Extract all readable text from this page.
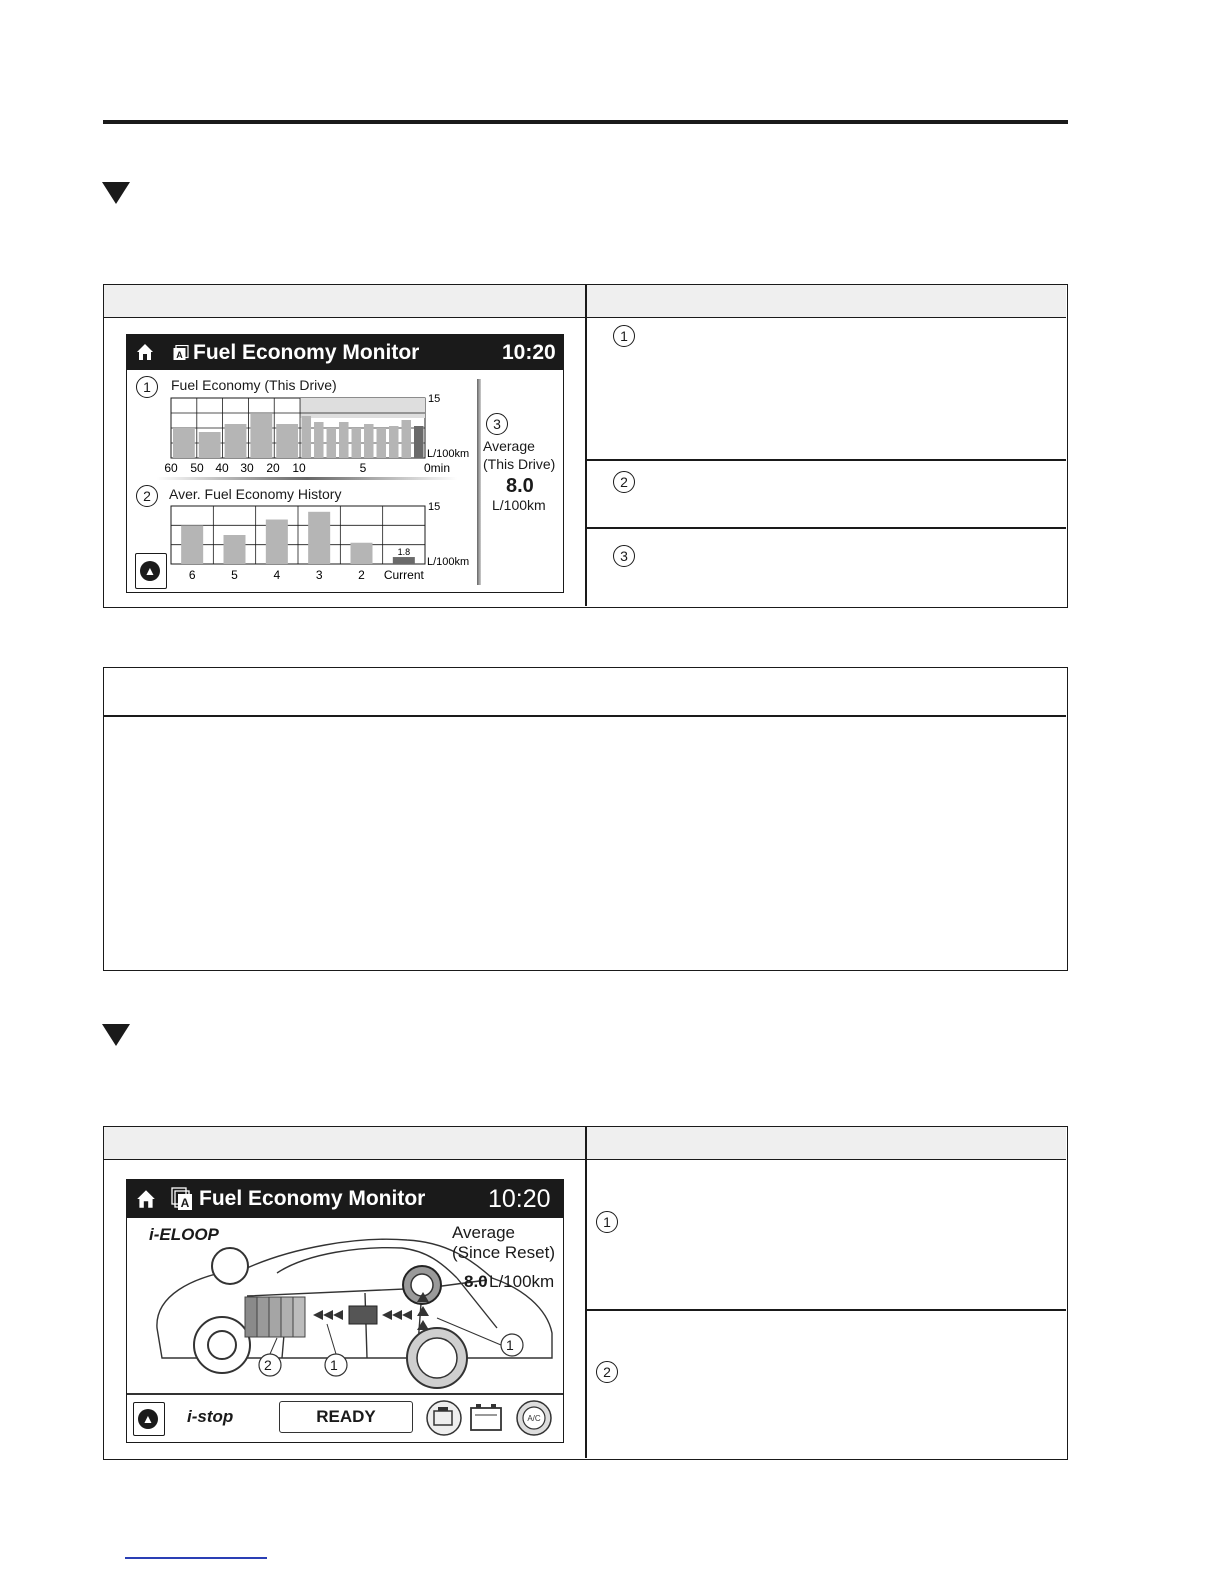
1
2
3
A Fuel Economy Monitor	10:20
1	Fuel Economy (This Drive)
15
L/100km
60 50 40 30 20 10	5	0min
2	Aver. Fuel Economy History
6	5	4	3	2
1.8
Current
15
L/100km
3
Average
(This Drive)
8.0
L/100km
▲
1
2
A Fuel Economy Monitor	10:20
1
2
1
i-ELOOP	Average
(Since Reset)
8.0 L/100km
▲ i-stop	READY	A/C
